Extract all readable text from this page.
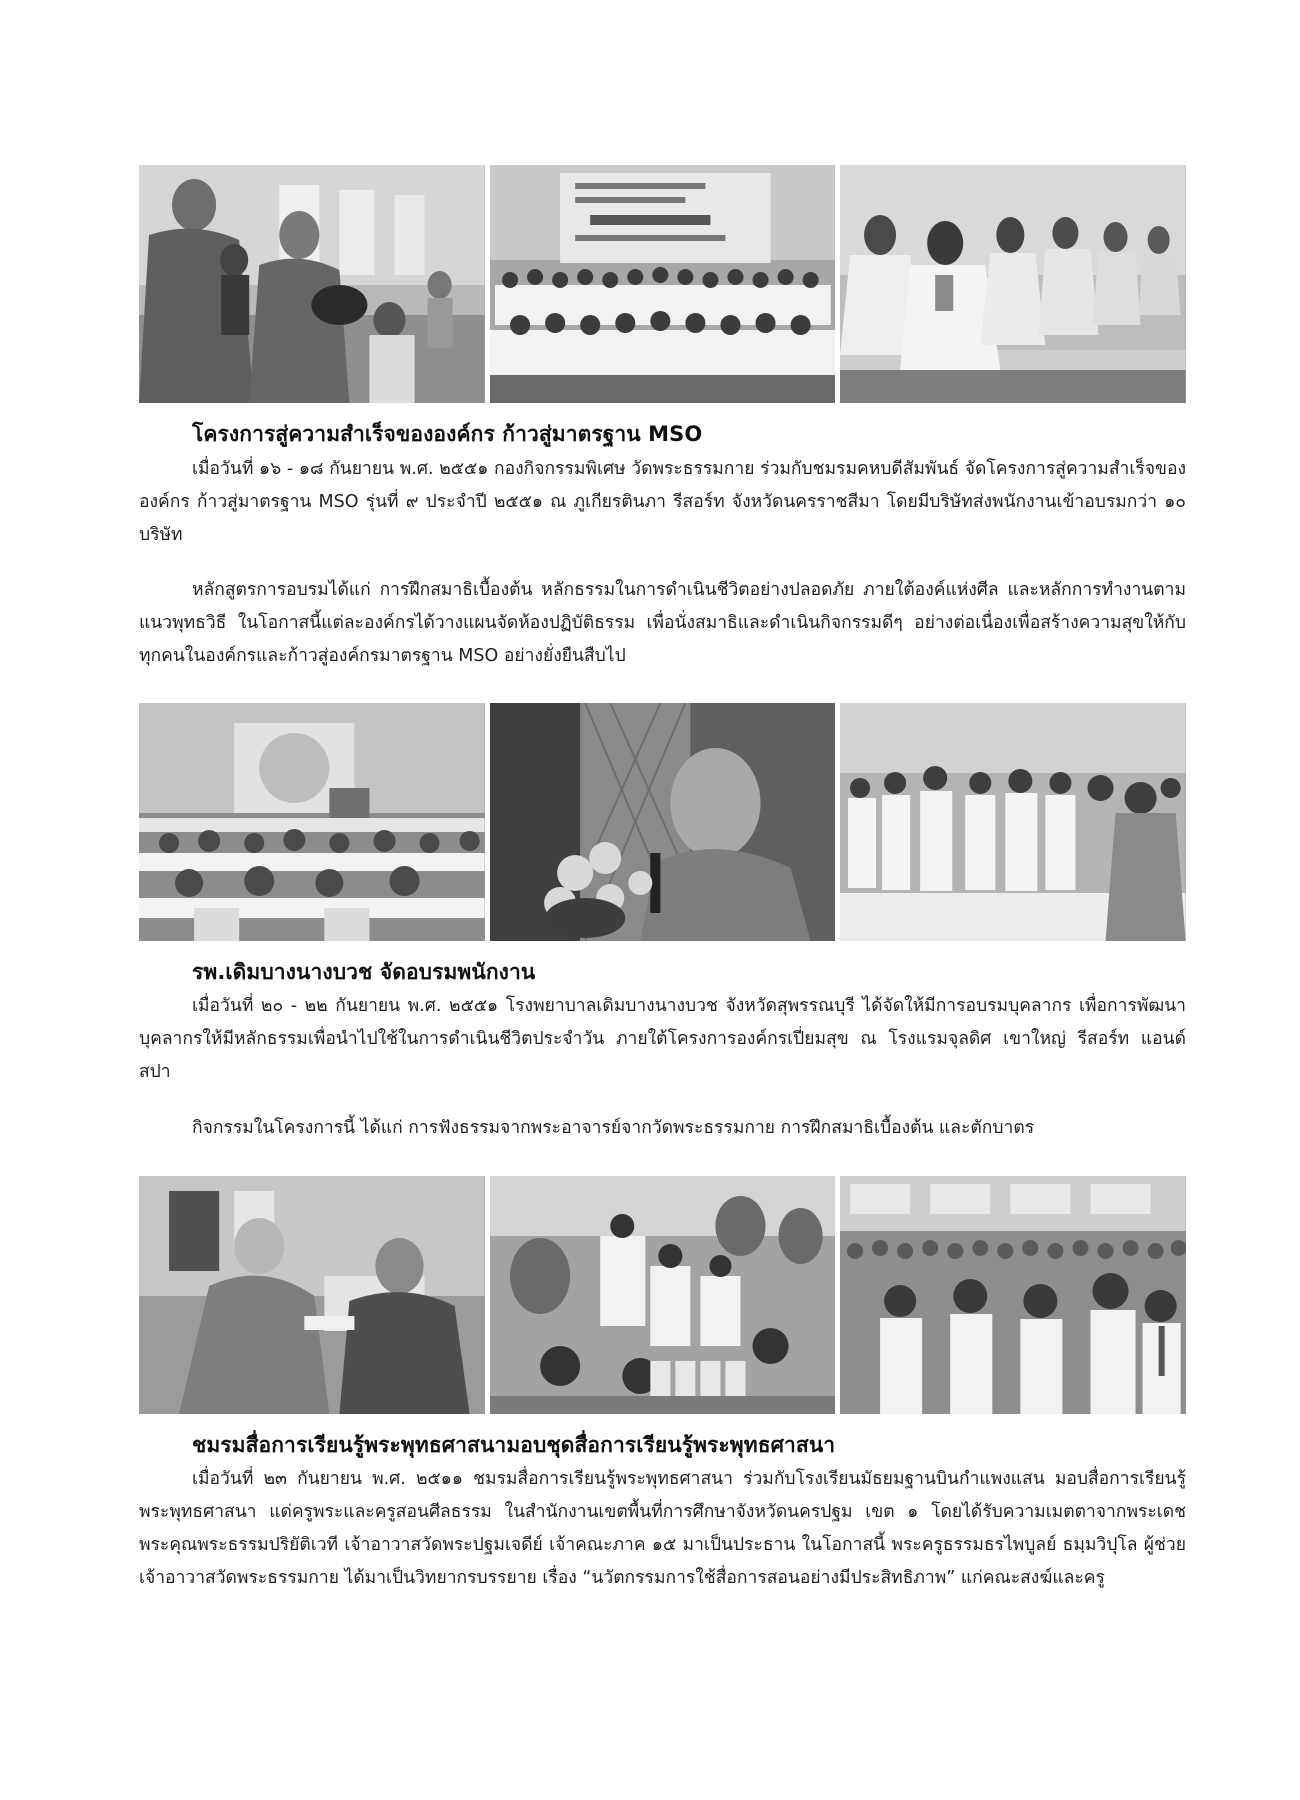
โครงการสู่ความสำเร็จขององค์กร ก้าวสู่มาตรฐาน MSO

เมื่อวันที่ ๑๖ - ๑๘ กันยายน พ.ศ. ๒๕๕๑ กองกิจกรรมพิเศษ วัดพระธรรมกาย ร่วมกับชมรมคหบดีสัมพันธ์ จัดโครงการสู่ความสำเร็จขององค์กร ก้าวสู่มาตรฐาน MSO รุ่นที่ ๙ ประจำปี ๒๕๕๑ ณ ภูเกียรตินภา รีสอร์ท จังหวัดนครราชสีมา โดยมีบริษัทส่งพนักงานเข้าอบรมกว่า ๑๐ บริษัท

หลักสูตรการอบรมได้แก่ การฝึกสมาธิเบื้องต้น หลักธรรมในการดำเนินชีวิตอย่างปลอดภัย ภายใต้องค์แห่งศีล และหลักการทำงานตามแนวพุทธวิธี ในโอกาสนี้แต่ละองค์กรได้วางแผนจัดห้องปฏิบัติธรรม เพื่อนั่งสมาธิและดำเนินกิจกรรมดีๆ อย่างต่อเนื่องเพื่อสร้างความสุขให้กับทุกคนในองค์กรและก้าวสู่องค์กรมาตรฐาน MSO อย่างยั่งยืนสืบไป

รพ.เดิมบางนางบวช จัดอบรมพนักงาน

เมื่อวันที่ ๒๐ - ๒๒ กันยายน พ.ศ. ๒๕๕๑ โรงพยาบาลเดิมบางนางบวช จังหวัดสุพรรณบุรี ได้จัดให้มีการอบรมบุคลากร เพื่อการพัฒนาบุคลากรให้มีหลักธรรมเพื่อนำไปใช้ในการดำเนินชีวิตประจำวัน ภายใต้โครงการองค์กรเปี่ยมสุข ณ โรงแรมจุลดิศ เขาใหญ่ รีสอร์ท แอนด์ สปา

กิจกรรมในโครงการนี้ ได้แก่ การฟังธรรมจากพระอาจารย์จากวัดพระธรรมกาย การฝึกสมาธิเบื้องต้น และตักบาตร

ชมรมสื่อการเรียนรู้พระพุทธศาสนามอบชุดสื่อการเรียนรู้พระพุทธศาสนา

เมื่อวันที่ ๒๓ กันยายน พ.ศ. ๒๕๑๑ ชมรมสื่อการเรียนรู้พระพุทธศาสนา ร่วมกับโรงเรียนมัธยมฐานบินกำแพงแสน มอบสื่อการเรียนรู้พระพุทธศาสนา แด่ครูพระและครูสอนศีลธรรม ในสำนักงานเขตพื้นที่การศึกษาจังหวัดนครปฐม เขต ๑ โดยได้รับความเมตตาจากพระเดชพระคุณพระธรรมปริยัติเวที เจ้าอาวาสวัดพระปฐมเจดีย์ เจ้าคณะภาค ๑๕ มาเป็นประธาน ในโอกาสนี้ พระครูธรรมธรไพบูลย์ ธมฺมวิปุโล ผู้ช่วยเจ้าอาวาสวัดพระธรรมกาย ได้มาเป็นวิทยากรบรรยาย เรื่อง “นวัตกรรมการใช้สื่อการสอนอย่างมีประสิทธิภาพ” แก่คณะสงฆ์และครู
